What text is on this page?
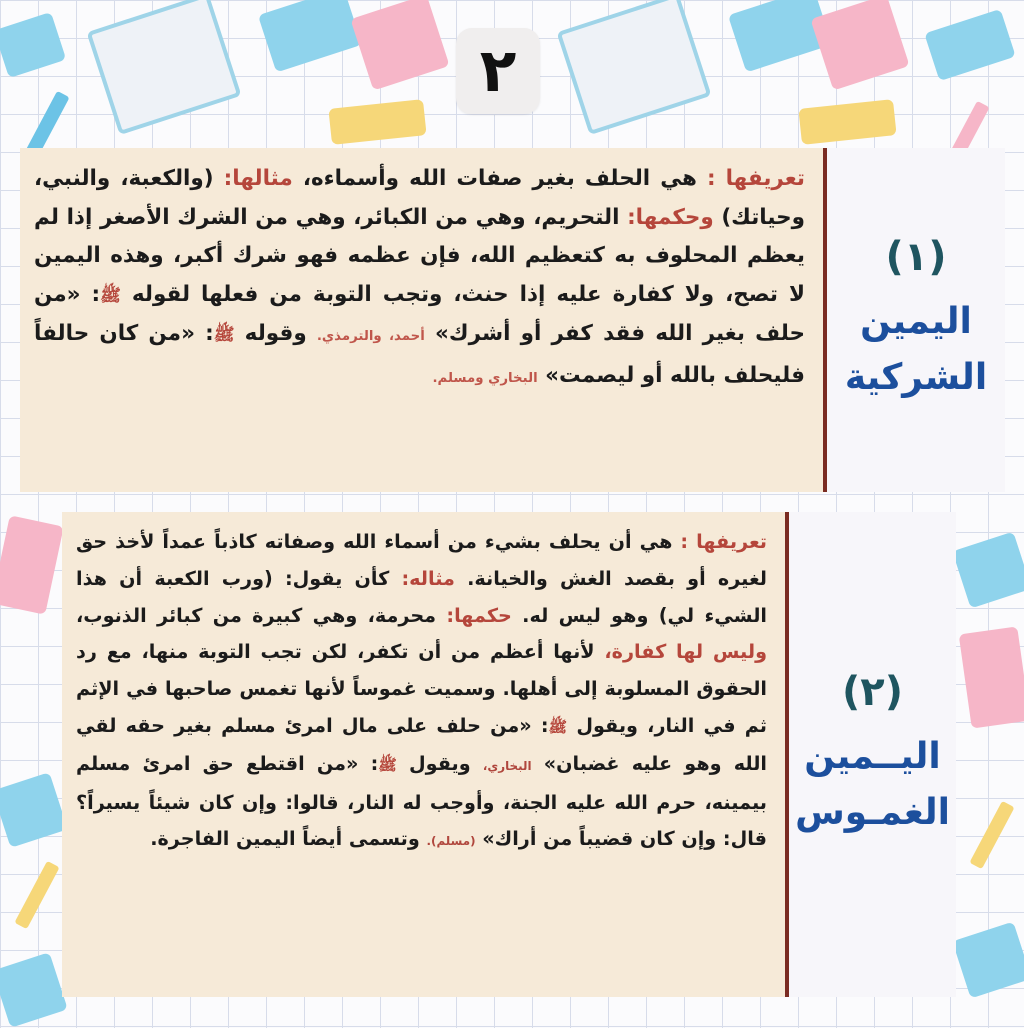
٢
تعريفها : هي الحلف بغير صفات الله وأسماءه، مثالها: (والكعبة، والنبي، وحياتك) وحكمها: التحريم، وهي من الكبائر، وهي من الشرك الأصغر إذا لم يعظم المحلوف به كتعظيم الله، فإن عظمه فهو شرك أكبر، وهذه اليمين لا تصح، ولا كفارة عليه إذا حنث، وتجب التوبة من فعلها لقوله ﷺ: «من حلف بغير الله فقد كفر أو أشرك» أحمد، والترمذي. وقوله ﷺ: «من كان حالفاً فليحلف بالله أو ليصمت» البخاري ومسلم.
(١)
اليمين
الشركية
تعريفها : هي أن يحلف بشيء من أسماء الله وصفاته كاذباً عمداً لأخذ حق لغيره أو بقصد الغش والخيانة. مثاله: كأن يقول: (ورب الكعبة أن هذا الشيء لي) وهو ليس له. حكمها: محرمة، وهي كبيرة من كبائر الذنوب، وليس لها كفارة، لأنها أعظم من أن تكفر، لكن تجب التوبة منها، مع رد الحقوق المسلوبة إلى أهلها. وسميت غموساً لأنها تغمس صاحبها في الإثم ثم في النار، ويقول ﷺ: «من حلف على مال امرئ مسلم بغير حقه لقي الله وهو عليه غضبان» البخاري، ويقول ﷺ: «من اقتطع حق امرئ مسلم بيمينه، حرم الله عليه الجنة، وأوجب له النار، قالوا: وإن كان شيئاً يسيراً؟ قال: وإن كان قضيباً من أراك» (مسلم). وتسمى أيضاً اليمين الفاجرة.
(٢)
اليــمين
الغمـوس
